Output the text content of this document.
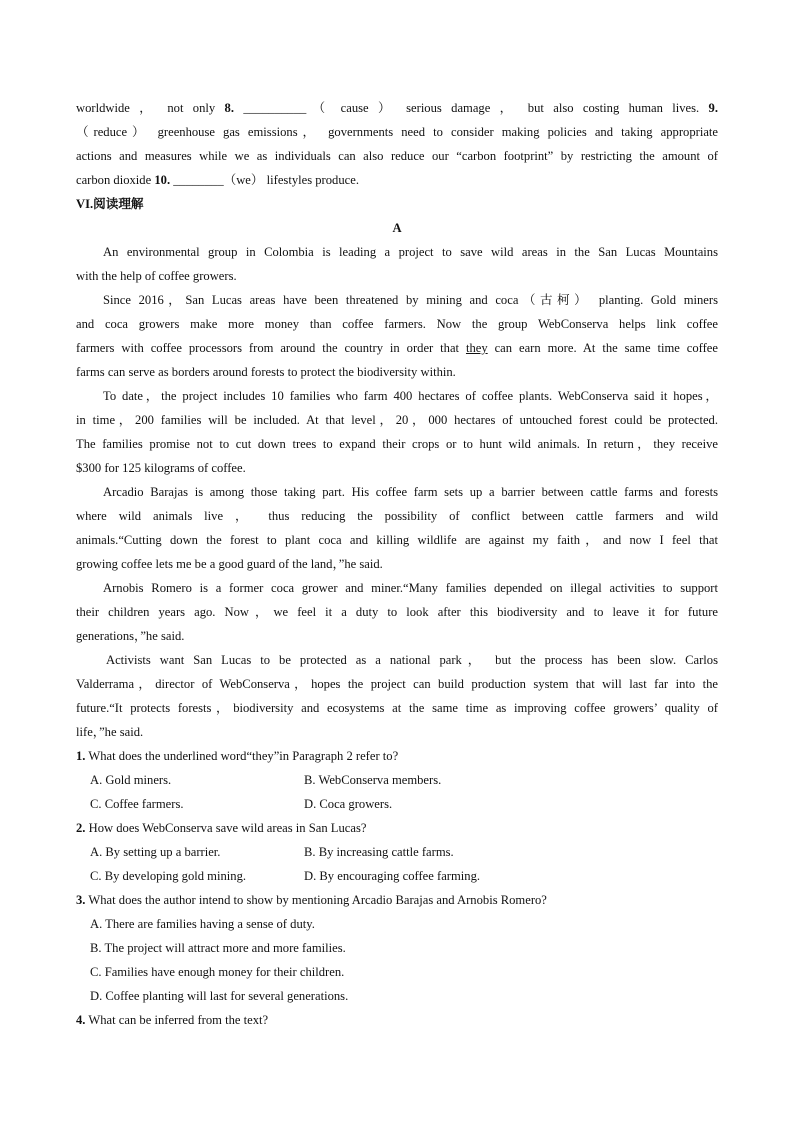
worldwide ， not only 8. __________（ cause ） serious damage ， but also costing human lives. 9.
（reduce） greenhouse gas emissions， governments need to consider making policies and taking appropriate
actions and measures while we as individuals can also reduce our “carbon footprint” by restricting the amount of
carbon dioxide 10. ________（we） lifestyles produce.
VI.阅读理解
A
An environmental group in Colombia is leading a project to save wild areas in the San Lucas Mountains
with the help of coffee growers.
Since 2016，San Lucas areas have been threatened by mining and coca（古柯） planting. Gold miners
and coca growers make more money than coffee farmers. Now the group WebConserva helps link coffee
farmers with coffee processors from around the country in order that they can earn more. At the same time coffee
farms can serve as borders around forests to protect the biodiversity within.
To date，the project includes 10 families who farm 400 hectares of coffee plants. WebConserva said it hopes，
in time，200 families will be included. At that level，20，000 hectares of untouched forest could be protected.
The families promise not to cut down trees to expand their crops or to hunt wild animals. In return，they receive
$300 for 125 kilograms of coffee.
Arcadio Barajas is among those taking part. His coffee farm sets up a barrier between cattle farms and forests
where wild animals live ， thus reducing the possibility of conflict between cattle farmers and wild
animals.“Cutting down the forest to plant coca and killing wildlife are against my faith，and now I feel that
growing coffee lets me be a good guard of the land，”he said.
Arnobis Romero is a former coca grower and miner.“Many families depended on illegal activities to support
their children years ago. Now，we feel it a duty to look after this biodiversity and to leave it for future
generations，”he said.
Activists want San Lucas to be protected as a national park， but the process has been slow. Carlos
Valderrama，director of WebConserva，hopes the project can build production system that will last far into the
future.“It protects forests，biodiversity and ecosystems at the same time as improving coffee growers’ quality of
life，”he said.
1. What does the underlined word“they”in Paragraph 2 refer to?
A. Gold miners.	B. WebConserva members.
C. Coffee farmers.	D. Coca growers.
2. How does WebConserva save wild areas in San Lucas?
A. By setting up a barrier.	B. By increasing cattle farms.
C. By developing gold mining.	D. By encouraging coffee farming.
3. What does the author intend to show by mentioning Arcadio Barajas and Arnobis Romero?
A. There are families having a sense of duty.
B. The project will attract more and more families.
C. Families have enough money for their children.
D. Coffee planting will last for several generations.
4. What can be inferred from the text?
